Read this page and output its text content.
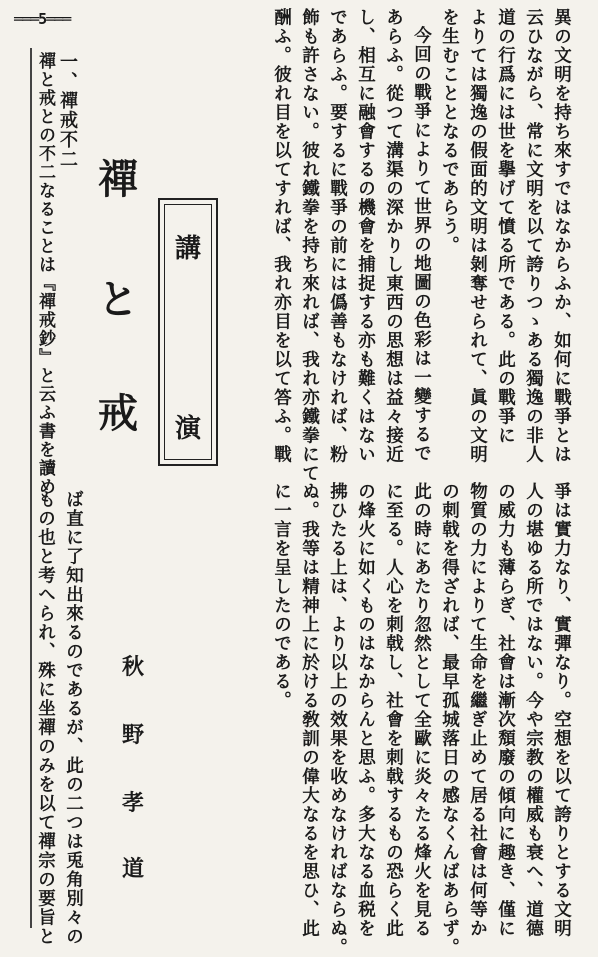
═══5═══
一、禪戒不二
禪と戒との不二なることは『禪戒鈔』と云ふ書を讀め 禪
と
戒
講
演	異の文明を持ち來すではなからふか、如何に戰爭とは
云ひながら、常に文明を以て誇りつゝある獨逸の非人
道の行爲には世を擧げて憤る所である。此の戰爭に
よりては獨逸の假面的文明は剝奪せられて、眞の文明
を生むこととなるであらう。
今回の戰爭によりて世界の地圖の色彩は一變するで
あらふ。從つて溝渠の深かりし東西の思想は益々接近
し、相互に融會するの機會を捕捉する亦も難くはない
であらふ。要するに戰爭の前には僞善もなければ、粉
飾も許さない。彼れ鐵拳を持ち來れば、我れ亦鐵拳にて
酬ふ。彼れ目を以てすれば、我れ亦目を以て答ふ。戰
爭は實力なり、實彈なり。空想を以て誇りとする文明
人の堪ゆる所ではない。今や宗教の權威も衰へ、道德
の威力も薄らぎ、社會は漸次頽廢の傾向に趣き、僅に
物質の力によりて生命を繼ぎ止めて居る社會は何等か
の刺戟を得ざれば、最早孤城落日の感なくんばあらず。
此の時にあたり忽然として全歐に炎々たる烽火を見る
に至る。人心を刺戟し、社會を刺戟するもの恐らく此
の烽火に如くものはなからんと思ふ。多大なる血税を
拂ひたる上は、より以上の效果を收めなければならぬ。
ぬ。我等は精神上に於ける敎訓の偉大なるを思ひ、此
に一言を呈したのである。
秋
野
孝
道
ば直に了知出來るのであるが、此の二つは兎角別々の
もの也と考へられ、殊に坐禪のみを以て禪宗の要旨と
